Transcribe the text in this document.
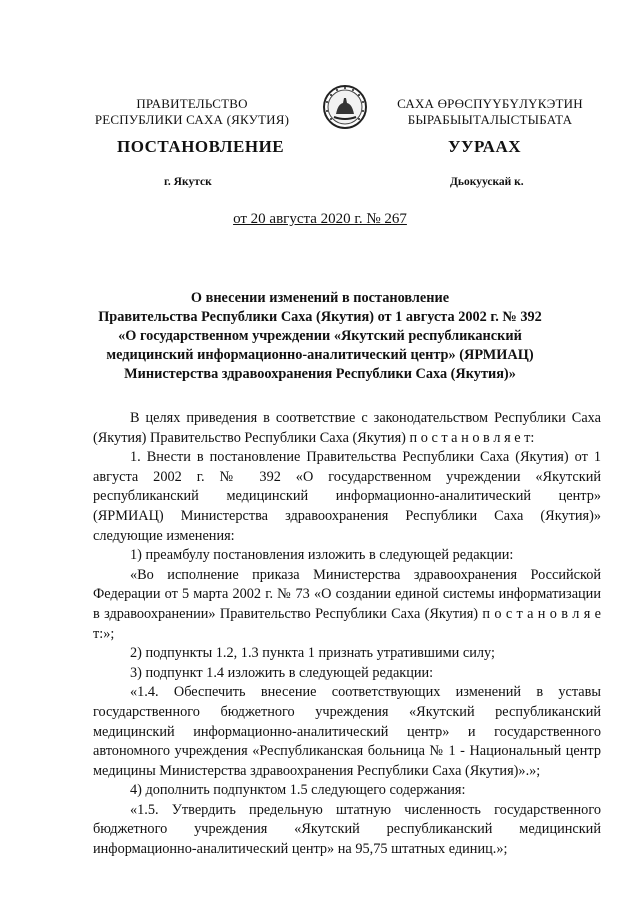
ПРАВИТЕЛЬСТВО
РЕСПУБЛИКИ САХА (ЯКУТИЯ)
САХА ӨРӨСПҮҮБҮЛҮКЭТИН
БЫРАБЫЫТАЛЫСТЫБАТА
ПОСТАНОВЛЕНИЕ	УУРААХ
г. Якутск	Дьокуускай к.
от 20 августа 2020 г. № 267
О внесении изменений в постановление
Правительства Республики Саха (Якутия) от 1 августа 2002 г. № 392
«О государственном учреждении «Якутский республиканский
медицинский информационно-аналитический центр» (ЯРМИАЦ)
Министерства здравоохранения Республики Саха (Якутия)»

В целях приведения в соответствие с законодательством Республики Саха (Якутия) Правительство Республики Саха (Якутия) п о с т а н о в л я е т:

1. Внести в постановление Правительства Республики Саха (Якутия) от 1 августа 2002 г. № 392 «О государственном учреждении «Якутский республиканский медицинский информационно-аналитический центр» (ЯРМИАЦ) Министерства здравоохранения Республики Саха (Якутия)» следующие изменения:

1) преамбулу постановления изложить в следующей редакции:

«Во исполнение приказа Министерства здравоохранения Российской Федерации от 5 марта 2002 г. № 73 «О создании единой системы информатизации в здравоохранении» Правительство Республики Саха (Якутия) п о с т а н о в л я е т:»;

2) подпункты 1.2, 1.3 пункта 1 признать утратившими силу;

3) подпункт 1.4 изложить в следующей редакции:

«1.4. Обеспечить внесение соответствующих изменений в уставы государственного бюджетного учреждения «Якутский республиканский медицинский информационно-аналитический центр» и государственного автономного учреждения «Республиканская больница № 1 - Национальный центр медицины Министерства здравоохранения Республики Саха (Якутия)».»;

4) дополнить подпунктом 1.5 следующего содержания:

«1.5. Утвердить предельную штатную численность государственного бюджетного учреждения «Якутский республиканский медицинский информационно-аналитический центр» на 95,75 штатных единиц.»;
